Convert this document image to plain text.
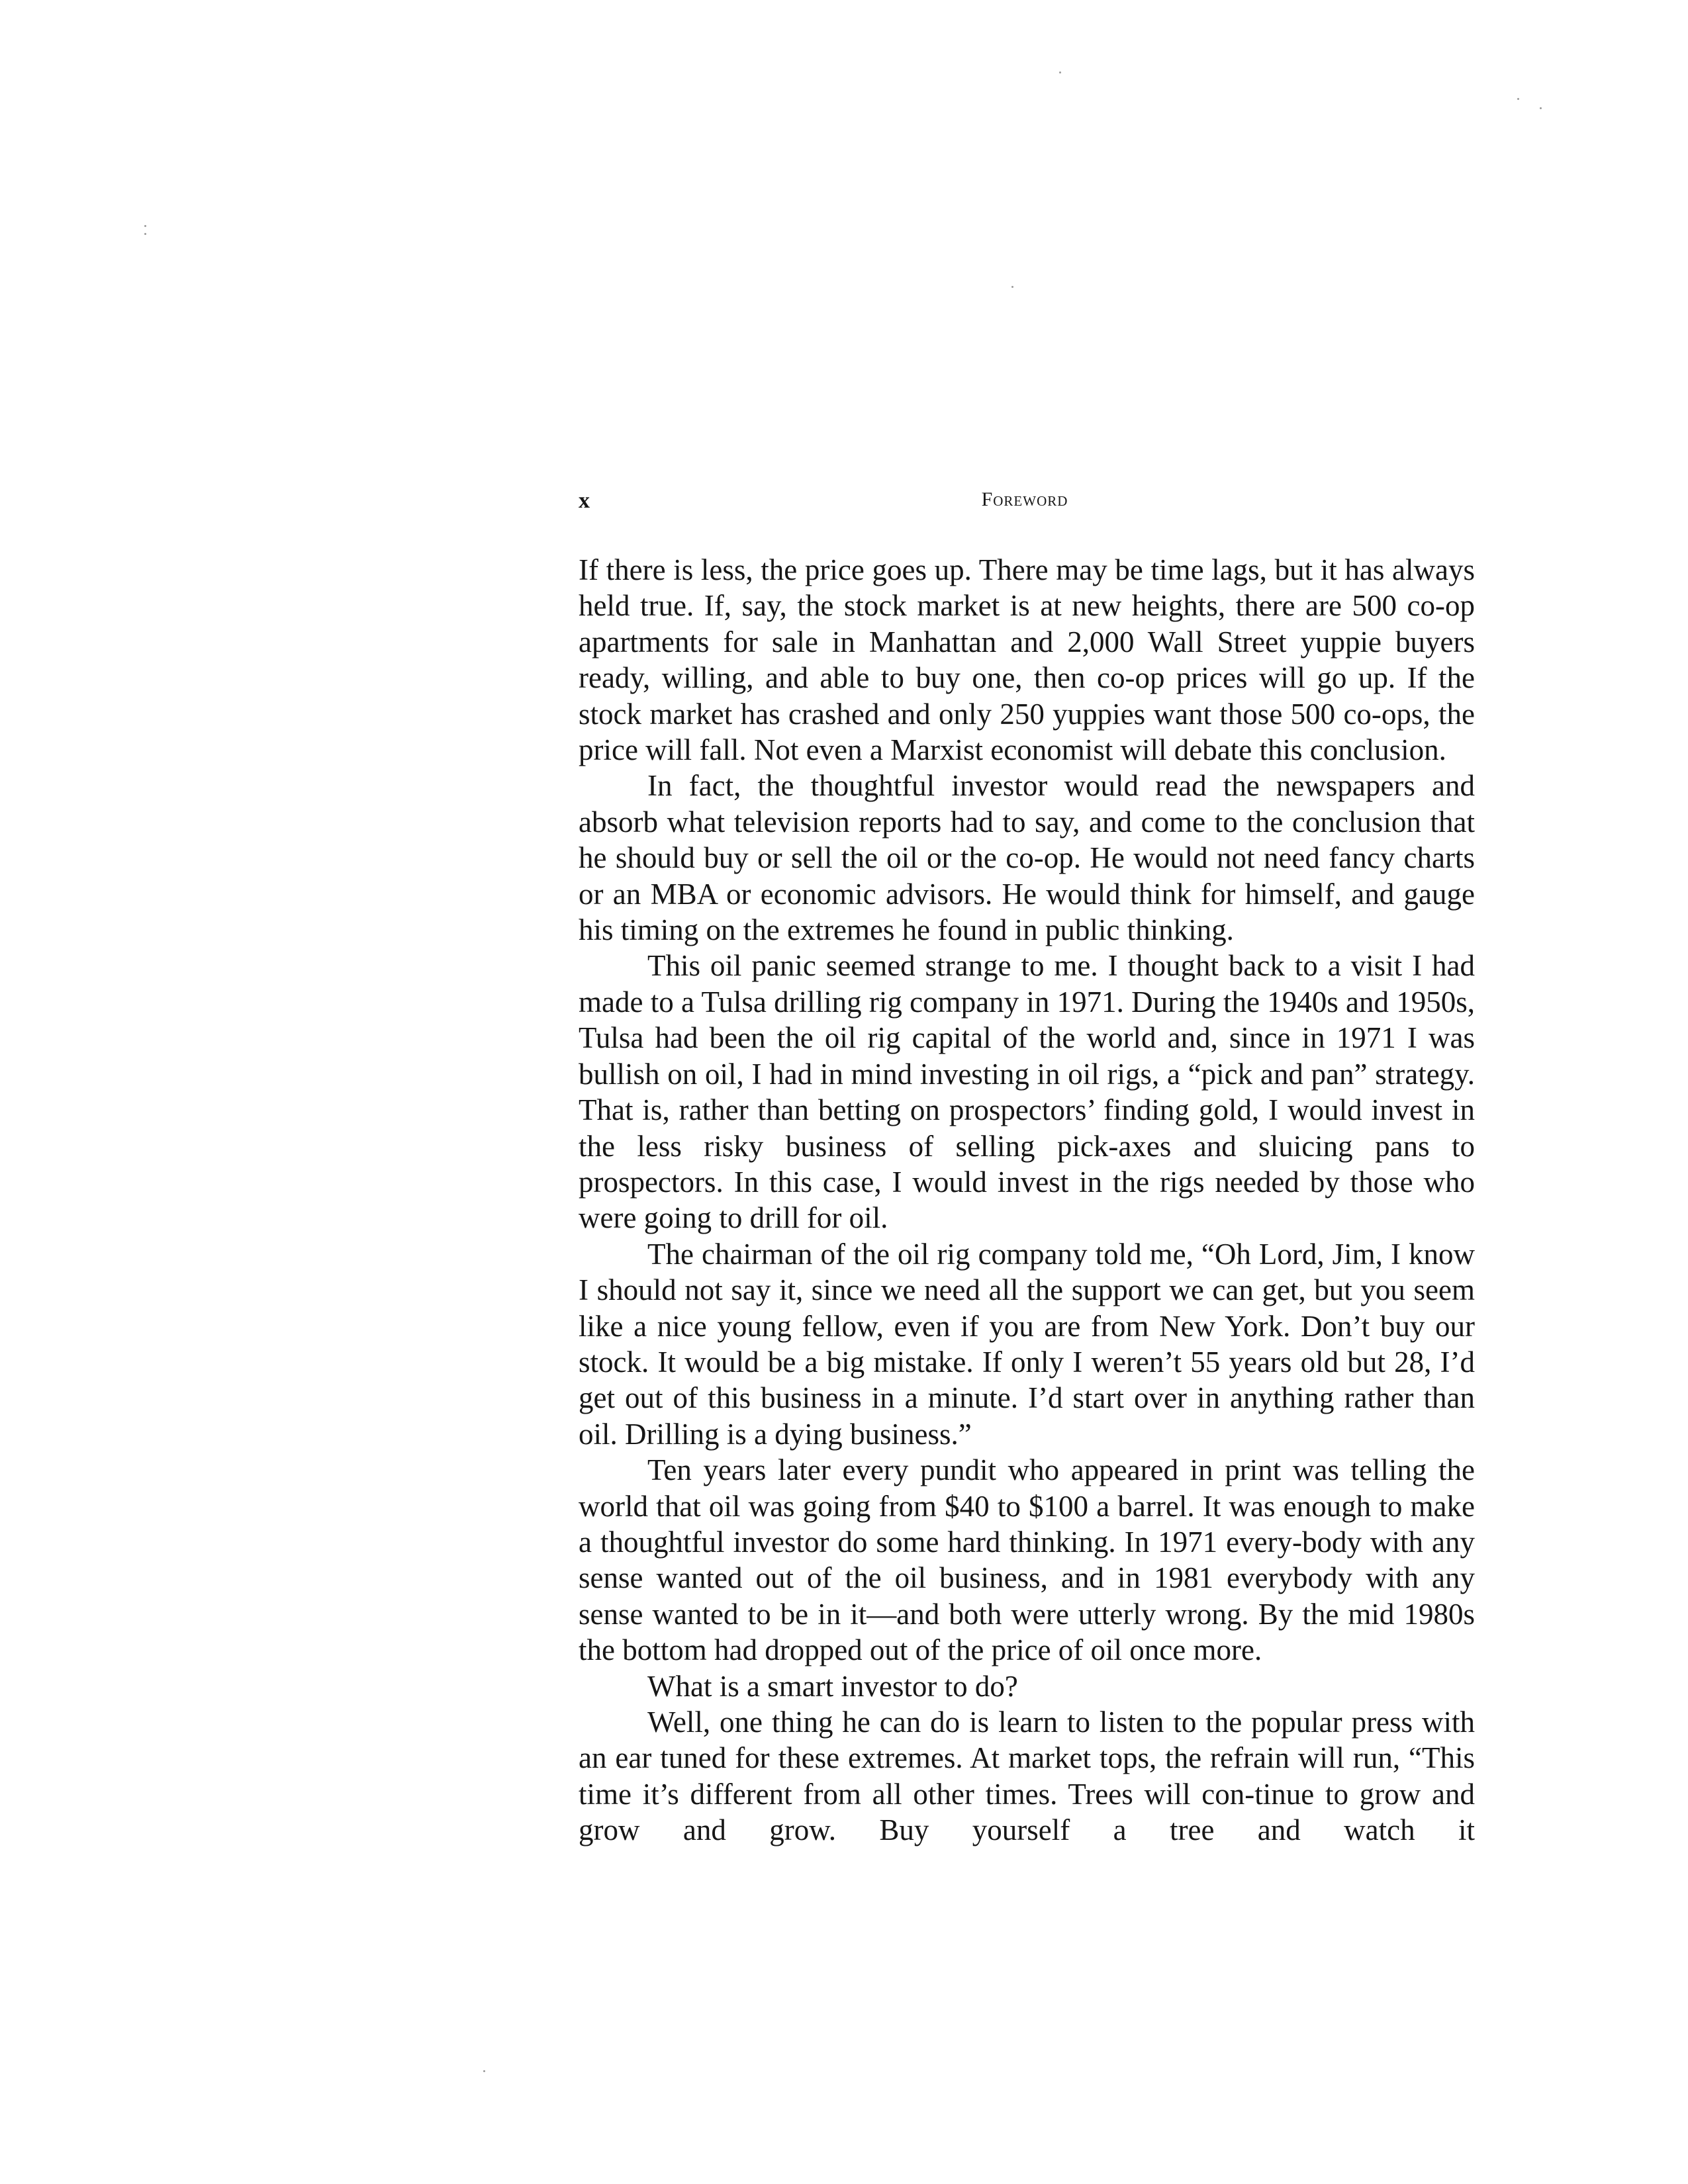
x	Foreword

If there is less, the price goes up. There may be time lags, but it has always held true. If, say, the stock market is at new heights, there are 500 co-op apartments for sale in Manhattan and 2,000 Wall Street yuppie buyers ready, willing, and able to buy one, then co-op prices will go up. If the stock market has crashed and only 250 yuppies want those 500 co-ops, the price will fall. Not even a Marxist economist will debate this conclusion.

In fact, the thoughtful investor would read the newspapers and absorb what television reports had to say, and come to the conclusion that he should buy or sell the oil or the co-op. He would not need fancy charts or an MBA or economic advisors. He would think for himself, and gauge his timing on the extremes he found in public thinking.

This oil panic seemed strange to me. I thought back to a visit I had made to a Tulsa drilling rig company in 1971. During the 1940s and 1950s, Tulsa had been the oil rig capital of the world and, since in 1971 I was bullish on oil, I had in mind investing in oil rigs, a “pick and pan” strategy. That is, rather than betting on prospectors’ finding gold, I would invest in the less risky business of selling pick-axes and sluicing pans to prospectors. In this case, I would invest in the rigs needed by those who were going to drill for oil.

The chairman of the oil rig company told me, “Oh Lord, Jim, I know I should not say it, since we need all the support we can get, but you seem like a nice young fellow, even if you are from New York. Don’t buy our stock. It would be a big mistake. If only I weren’t 55 years old but 28, I’d get out of this business in a minute. I’d start over in anything rather than oil. Drilling is a dying business.”

Ten years later every pundit who appeared in print was telling the world that oil was going from $40 to $100 a barrel. It was enough to make a thoughtful investor do some hard thinking. In 1971 every-body with any sense wanted out of the oil business, and in 1981 everybody with any sense wanted to be in it—and both were utterly wrong. By the mid 1980s the bottom had dropped out of the price of oil once more.

What is a smart investor to do?

Well, one thing he can do is learn to listen to the popular press with an ear tuned for these extremes. At market tops, the refrain will run, “This time it’s different from all other times. Trees will con-tinue to grow and grow and grow. Buy yourself a tree and watch it
